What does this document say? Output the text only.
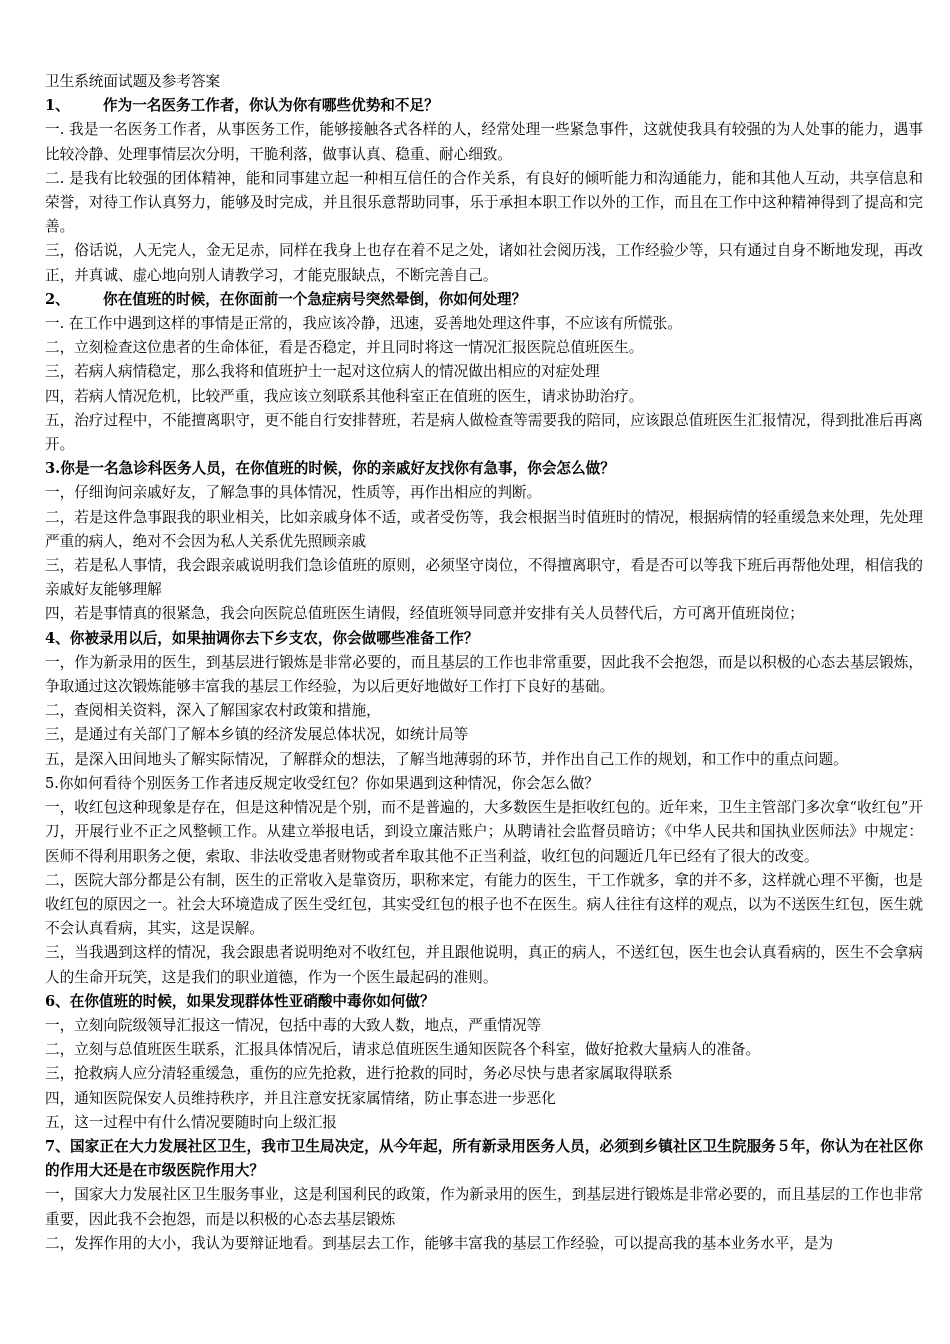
卫生系统面试题及参考答案

1、 作为一名医务工作者，你认为你有哪些优势和不足？

一. 我是一名医务工作者，从事医务工作，能够接触各式各样的人，经常处理一些紧急事件，这就使我具有较强的为人处事的能力，遇事比较冷静、处理事情层次分明，干脆利落，做事认真、稳重、耐心细致。

二. 是我有比较强的团体精神，能和同事建立起一种相互信任的合作关系，有良好的倾听能力和沟通能力，能和其他人互动，共享信息和荣誉，对待工作认真努力，能够及时完成，并且很乐意帮助同事，乐于承担本职工作以外的工作，而且在工作中这种精神得到了提高和完善。

三，俗话说，人无完人，金无足赤，同样在我身上也存在着不足之处，诸如社会阅历浅，工作经验少等，只有通过自身不断地发现，再改正，并真诚、虚心地向别人请教学习，才能克服缺点，不断完善自己。

2、 你在值班的时候，在你面前一个急症病号突然晕倒，你如何处理？

一. 在工作中遇到这样的事情是正常的，我应该冷静，迅速，妥善地处理这件事，不应该有所慌张。

二，立刻检查这位患者的生命体征，看是否稳定，并且同时将这一情况汇报医院总值班医生。

三，若病人病情稳定，那么我将和值班护士一起对这位病人的情况做出相应的对症处理

四，若病人情况危机，比较严重，我应该立刻联系其他科室正在值班的医生，请求协助治疗。

五，治疗过程中，不能擅离职守，更不能自行安排替班，若是病人做检查等需要我的陪同，应该跟总值班医生汇报情况，得到批准后再离开。

3.你是一名急诊科医务人员，在你值班的时候，你的亲戚好友找你有急事，你会怎么做？

一，仔细询问亲戚好友，了解急事的具体情况，性质等，再作出相应的判断。

二，若是这件急事跟我的职业相关，比如亲戚身体不适，或者受伤等，我会根据当时值班时的情况，根据病情的轻重缓急来处理，先处理严重的病人，绝对不会因为私人关系优先照顾亲戚

三，若是私人事情，我会跟亲戚说明我们急诊值班的原则，必须坚守岗位，不得擅离职守，看是否可以等我下班后再帮他处理，相信我的亲戚好友能够理解

四，若是事情真的很紧急，我会向医院总值班医生请假，经值班领导同意并安排有关人员替代后，方可离开值班岗位；

4、你被录用以后，如果抽调你去下乡支农，你会做哪些准备工作？

一，作为新录用的医生，到基层进行锻炼是非常必要的，而且基层的工作也非常重要，因此我不会抱怨，而是以积极的心态去基层锻炼，争取通过这次锻炼能够丰富我的基层工作经验，为以后更好地做好工作打下良好的基础。

二，查阅相关资料，深入了解国家农村政策和措施，

三，是通过有关部门了解本乡镇的经济发展总体状况，如统计局等

五，是深入田间地头了解实际情况，了解群众的想法，了解当地薄弱的环节，并作出自己工作的规划，和工作中的重点问题。

5.你如何看待个别医务工作者违反规定收受红包？你如果遇到这种情况，你会怎么做？

一，收红包这种现象是存在，但是这种情况是个别，而不是普遍的，大多数医生是拒收红包的。近年来，卫生主管部门多次拿“收红包”开刀，开展行业不正之风整顿工作。从建立举报电话，到设立廉洁账户；从聘请社会监督员暗访；《中华人民共和国执业医师法》中规定：医师不得利用职务之便，索取、非法收受患者财物或者牟取其他不正当利益，收红包的问题近几年已经有了很大的改变。

二，医院大部分都是公有制，医生的正常收入是靠资历，职称来定，有能力的医生，干工作就多，拿的并不多，这样就心理不平衡，也是收红包的原因之一。社会大环境造成了医生受红包，其实受红包的根子也不在医生。病人往往有这样的观点，以为不送医生红包，医生就不会认真看病，其实，这是误解。

三，当我遇到这样的情况，我会跟患者说明绝对不收红包，并且跟他说明，真正的病人，不送红包，医生也会认真看病的，医生不会拿病人的生命开玩笑，这是我们的职业道德，作为一个医生最起码的准则。

6、在你值班的时候，如果发现群体性亚硝酸中毒你如何做？

一，立刻向院级领导汇报这一情况，包括中毒的大致人数，地点，严重情况等

二，立刻与总值班医生联系，汇报具体情况后，请求总值班医生通知医院各个科室，做好抢救大量病人的准备。

三，抢救病人应分清轻重缓急，重伤的应先抢救，进行抢救的同时，务必尽快与患者家属取得联系

四，通知医院保安人员维持秩序，并且注意安抚家属情绪，防止事态进一步恶化

五，这一过程中有什么情况要随时向上级汇报

7、国家正在大力发展社区卫生，我市卫生局决定，从今年起，所有新录用医务人员，必须到乡镇社区卫生院服务５年，你认为在社区你的作用大还是在市级医院作用大？

一，国家大力发展社区卫生服务事业，这是利国利民的政策，作为新录用的医生，到基层进行锻炼是非常必要的，而且基层的工作也非常重要，因此我不会抱怨，而是以积极的心态去基层锻炼

二，发挥作用的大小，我认为要辩证地看。到基层去工作，能够丰富我的基层工作经验，可以提高我的基本业务水平，是为
